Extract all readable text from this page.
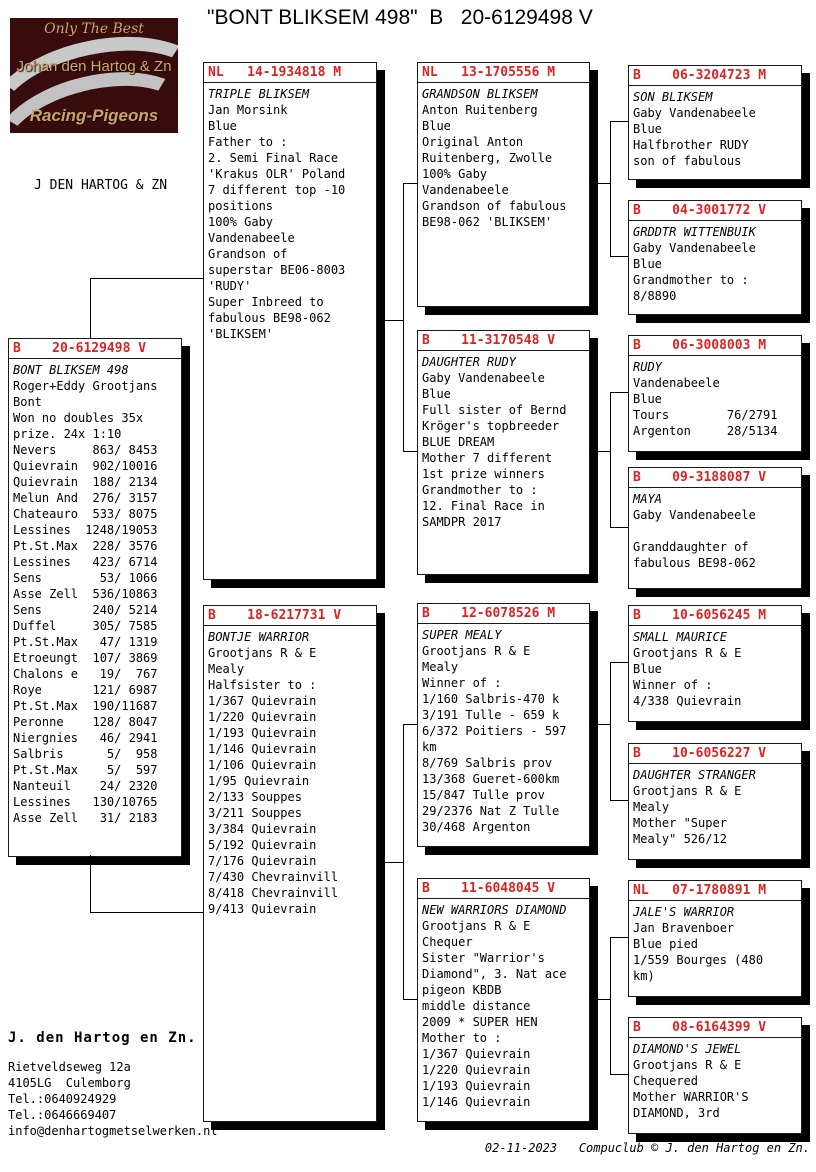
"BONT BLIKSEM 498"  B   20-6129498 V
Only The Best
Johan den Hartog & Zn
Racing-Pigeons
J DEN HARTOG & ZN
B    20-6129498 V
BONT BLIKSEM 498
Roger+Eddy Grootjans
Bont
Won no doubles 35x
prize. 24x 1:10
Nevers     863/ 8453
Quievrain  902/10016
Quievrain  188/ 2134
Melun And  276/ 3157
Chateauro  533/ 8075
Lessines  1248/19053
Pt.St.Max  228/ 3576
Lessines   423/ 6714
Sens        53/ 1066
Asse Zell  536/10863
Sens       240/ 5214
Duffel     305/ 7585
Pt.St.Max   47/ 1319
Etroeungt  107/ 3869
Chalons e   19/  767
Roye       121/ 6987
Pt.St.Max  190/11687
Peronne    128/ 8047
Niergnies   46/ 2941
Salbris      5/  958
Pt.St.Max    5/  597
Nanteuil    24/ 2320
Lessines   130/10765
Asse Zell   31/ 2183
NL   14-1934818 M
TRIPLE BLIKSEM
Jan Morsink
Blue
Father to :
2. Semi Final Race
'Krakus OLR' Poland
7 different top -10
positions
100% Gaby
Vandenabeele
Grandson of
superstar BE06-8003
'RUDY'
Super Inbreed to
fabulous BE98-062
'BLIKSEM'
B    18-6217731 V
BONTJE WARRIOR
Grootjans R & E
Mealy
Halfsister to :
1/367 Quievrain
1/220 Quievrain
1/193 Quievrain
1/146 Quievrain
1/106 Quievrain
1/95 Quievrain
2/133 Souppes
3/211 Souppes
3/384 Quievrain
5/192 Quievrain
7/176 Quievrain
7/430 Chevrainvill
8/418 Chevrainvill
9/413 Quievrain
NL   13-1705556 M
GRANDSON BLIKSEM
Anton Ruitenberg
Blue
Original Anton
Ruitenberg, Zwolle
100% Gaby
Vandenabeele
Grandson of fabulous
BE98-062 'BLIKSEM'
B    11-3170548 V
DAUGHTER RUDY
Gaby Vandenabeele
Blue
Full sister of Bernd
Kröger's topbreeder
BLUE DREAM
Mother 7 different
1st prize winners
Grandmother to :
12. Final Race in
SAMDPR 2017
B    12-6078526 M
SUPER MEALY
Grootjans R & E
Mealy
Winner of :
1/160 Salbris-470 k
3/191 Tulle - 659 k
6/372 Poitiers - 597
km
8/769 Salbris prov
13/368 Gueret-600km
15/847 Tulle prov
29/2376 Nat Z Tulle
30/468 Argenton
B    11-6048045 V
NEW WARRIORS DIAMOND
Grootjans R & E
Chequer
Sister "Warrior's
Diamond", 3. Nat ace
pigeon KBDB
middle distance
2009 * SUPER HEN
Mother to :
1/367 Quievrain
1/220 Quievrain
1/193 Quievrain
1/146 Quievrain
B    06-3204723 M
SON BLIKSEM
Gaby Vandenabeele
Blue
Halfbrother RUDY
son of fabulous
B    04-3001772 V
GRDDTR WITTENBUIK
Gaby Vandenabeele
Blue
Grandmother to :
8/8890
B    06-3008003 M
RUDY
Vandenabeele
Blue
Tours        76/2791
Argenton     28/5134
B    09-3188087 V
MAYA
Gaby Vandenabeele

Granddaughter of
fabulous BE98-062
B    10-6056245 M
SMALL MAURICE
Grootjans R & E
Blue
Winner of :
4/338 Quievrain
B    10-6056227 V
DAUGHTER STRANGER
Grootjans R & E
Mealy
Mother "Super
Mealy" 526/12
NL   07-1780891 M
JALE'S WARRIOR
Jan Bravenboer
Blue pied
1/559 Bourges (480
km)
B    08-6164399 V
DIAMOND'S JEWEL
Grootjans R & E
Chequered
Mother WARRIOR'S
DIAMOND, 3rd
J. den Hartog en Zn.
Rietveldseweg 12a
4105LG  Culemborg
Tel.:0640924929
Tel.:0646669407
info@denhartogmetselwerken.nl
02-11-2023 Compuclub © J. den Hartog en Zn.
